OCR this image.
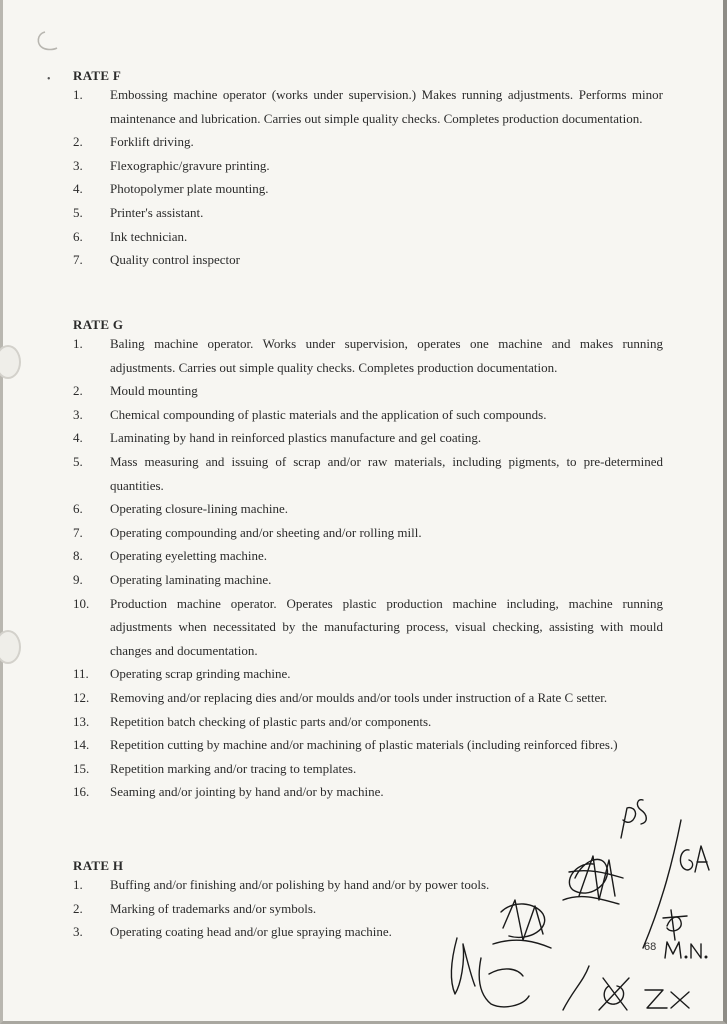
• RATE F
1.	Embossing machine operator (works under supervision.) Makes running adjustments. Performs minor maintenance and lubrication. Carries out simple quality checks. Completes production documentation.
2.	Forklift driving.
3.	Flexographic/gravure printing.
4.	Photopolymer plate mounting.
5.	Printer's assistant.
6.	Ink technician.
7.	Quality control inspector
RATE G
1.	Baling machine operator. Works under supervision, operates one machine and makes running adjustments. Carries out simple quality checks. Completes production documentation.
2.	Mould mounting
3.	Chemical compounding of plastic materials and the application of such compounds.
4.	Laminating by hand in reinforced plastics manufacture and gel coating.
5.	Mass measuring and issuing of scrap and/or raw materials, including pigments, to pre-determined quantities.
6.	Operating closure-lining machine.
7.	Operating compounding and/or sheeting and/or rolling mill.
8.	Operating eyeletting machine.
9.	Operating laminating machine.
10.	Production machine operator. Operates plastic production machine including, machine running adjustments when necessitated by the manufacturing process, visual checking, assisting with mould changes and documentation.
11.	Operating scrap grinding machine.
12.	Removing and/or replacing dies and/or moulds and/or tools under instruction of a Rate C setter.
13.	Repetition batch checking of plastic parts and/or components.
14.	Repetition cutting by machine and/or machining of plastic materials (including reinforced fibres.)
15.	Repetition marking and/or tracing to templates.
16.	Seaming and/or jointing by hand and/or by machine.
RATE H
1.	Buffing and/or finishing and/or polishing by hand and/or by power tools.
2.	Marking of trademarks and/or symbols.
3.	Operating coating head and/or glue spraying machine.
68
